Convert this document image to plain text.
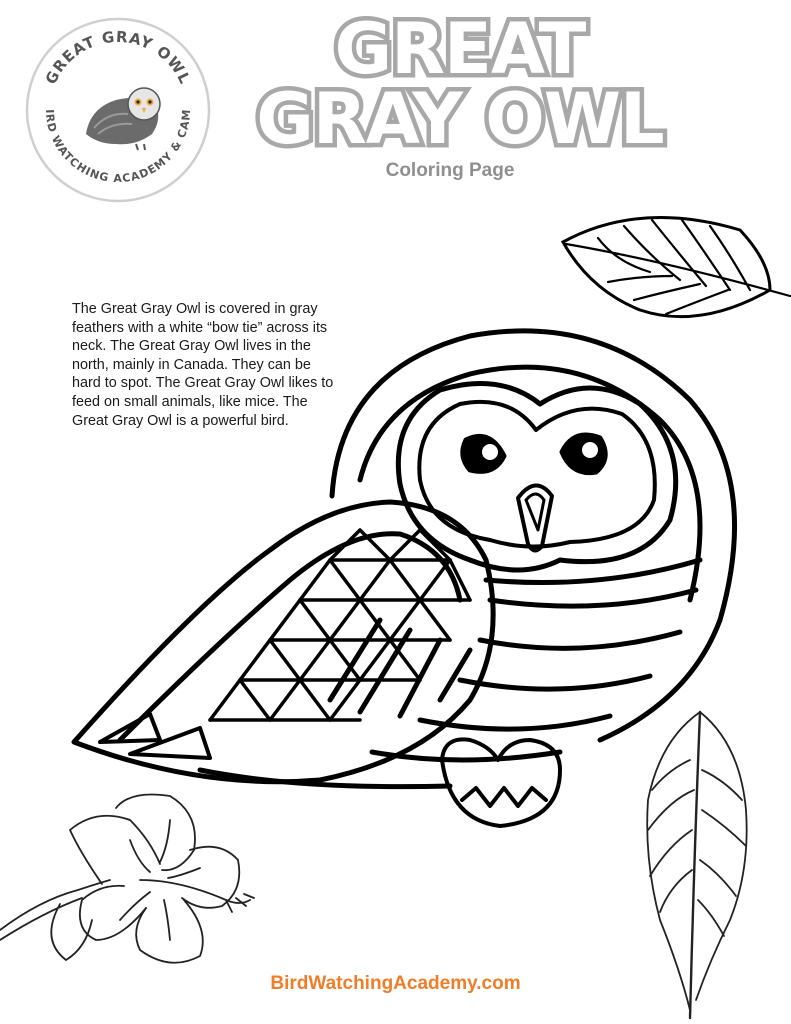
GREAT GRAY OWL
IRD WATCHING ACADEMY & CAM
GREAT
GRAY OWL
Coloring Page
The Great Gray Owl is covered in gray feathers with a white “bow tie” across its neck. The Great Gray Owl lives in the north, mainly in Canada. They can be hard to spot. The Great Gray Owl likes to feed on small animals, like mice. The Great Gray Owl is a powerful bird.
BirdWatchingAcademy.com
